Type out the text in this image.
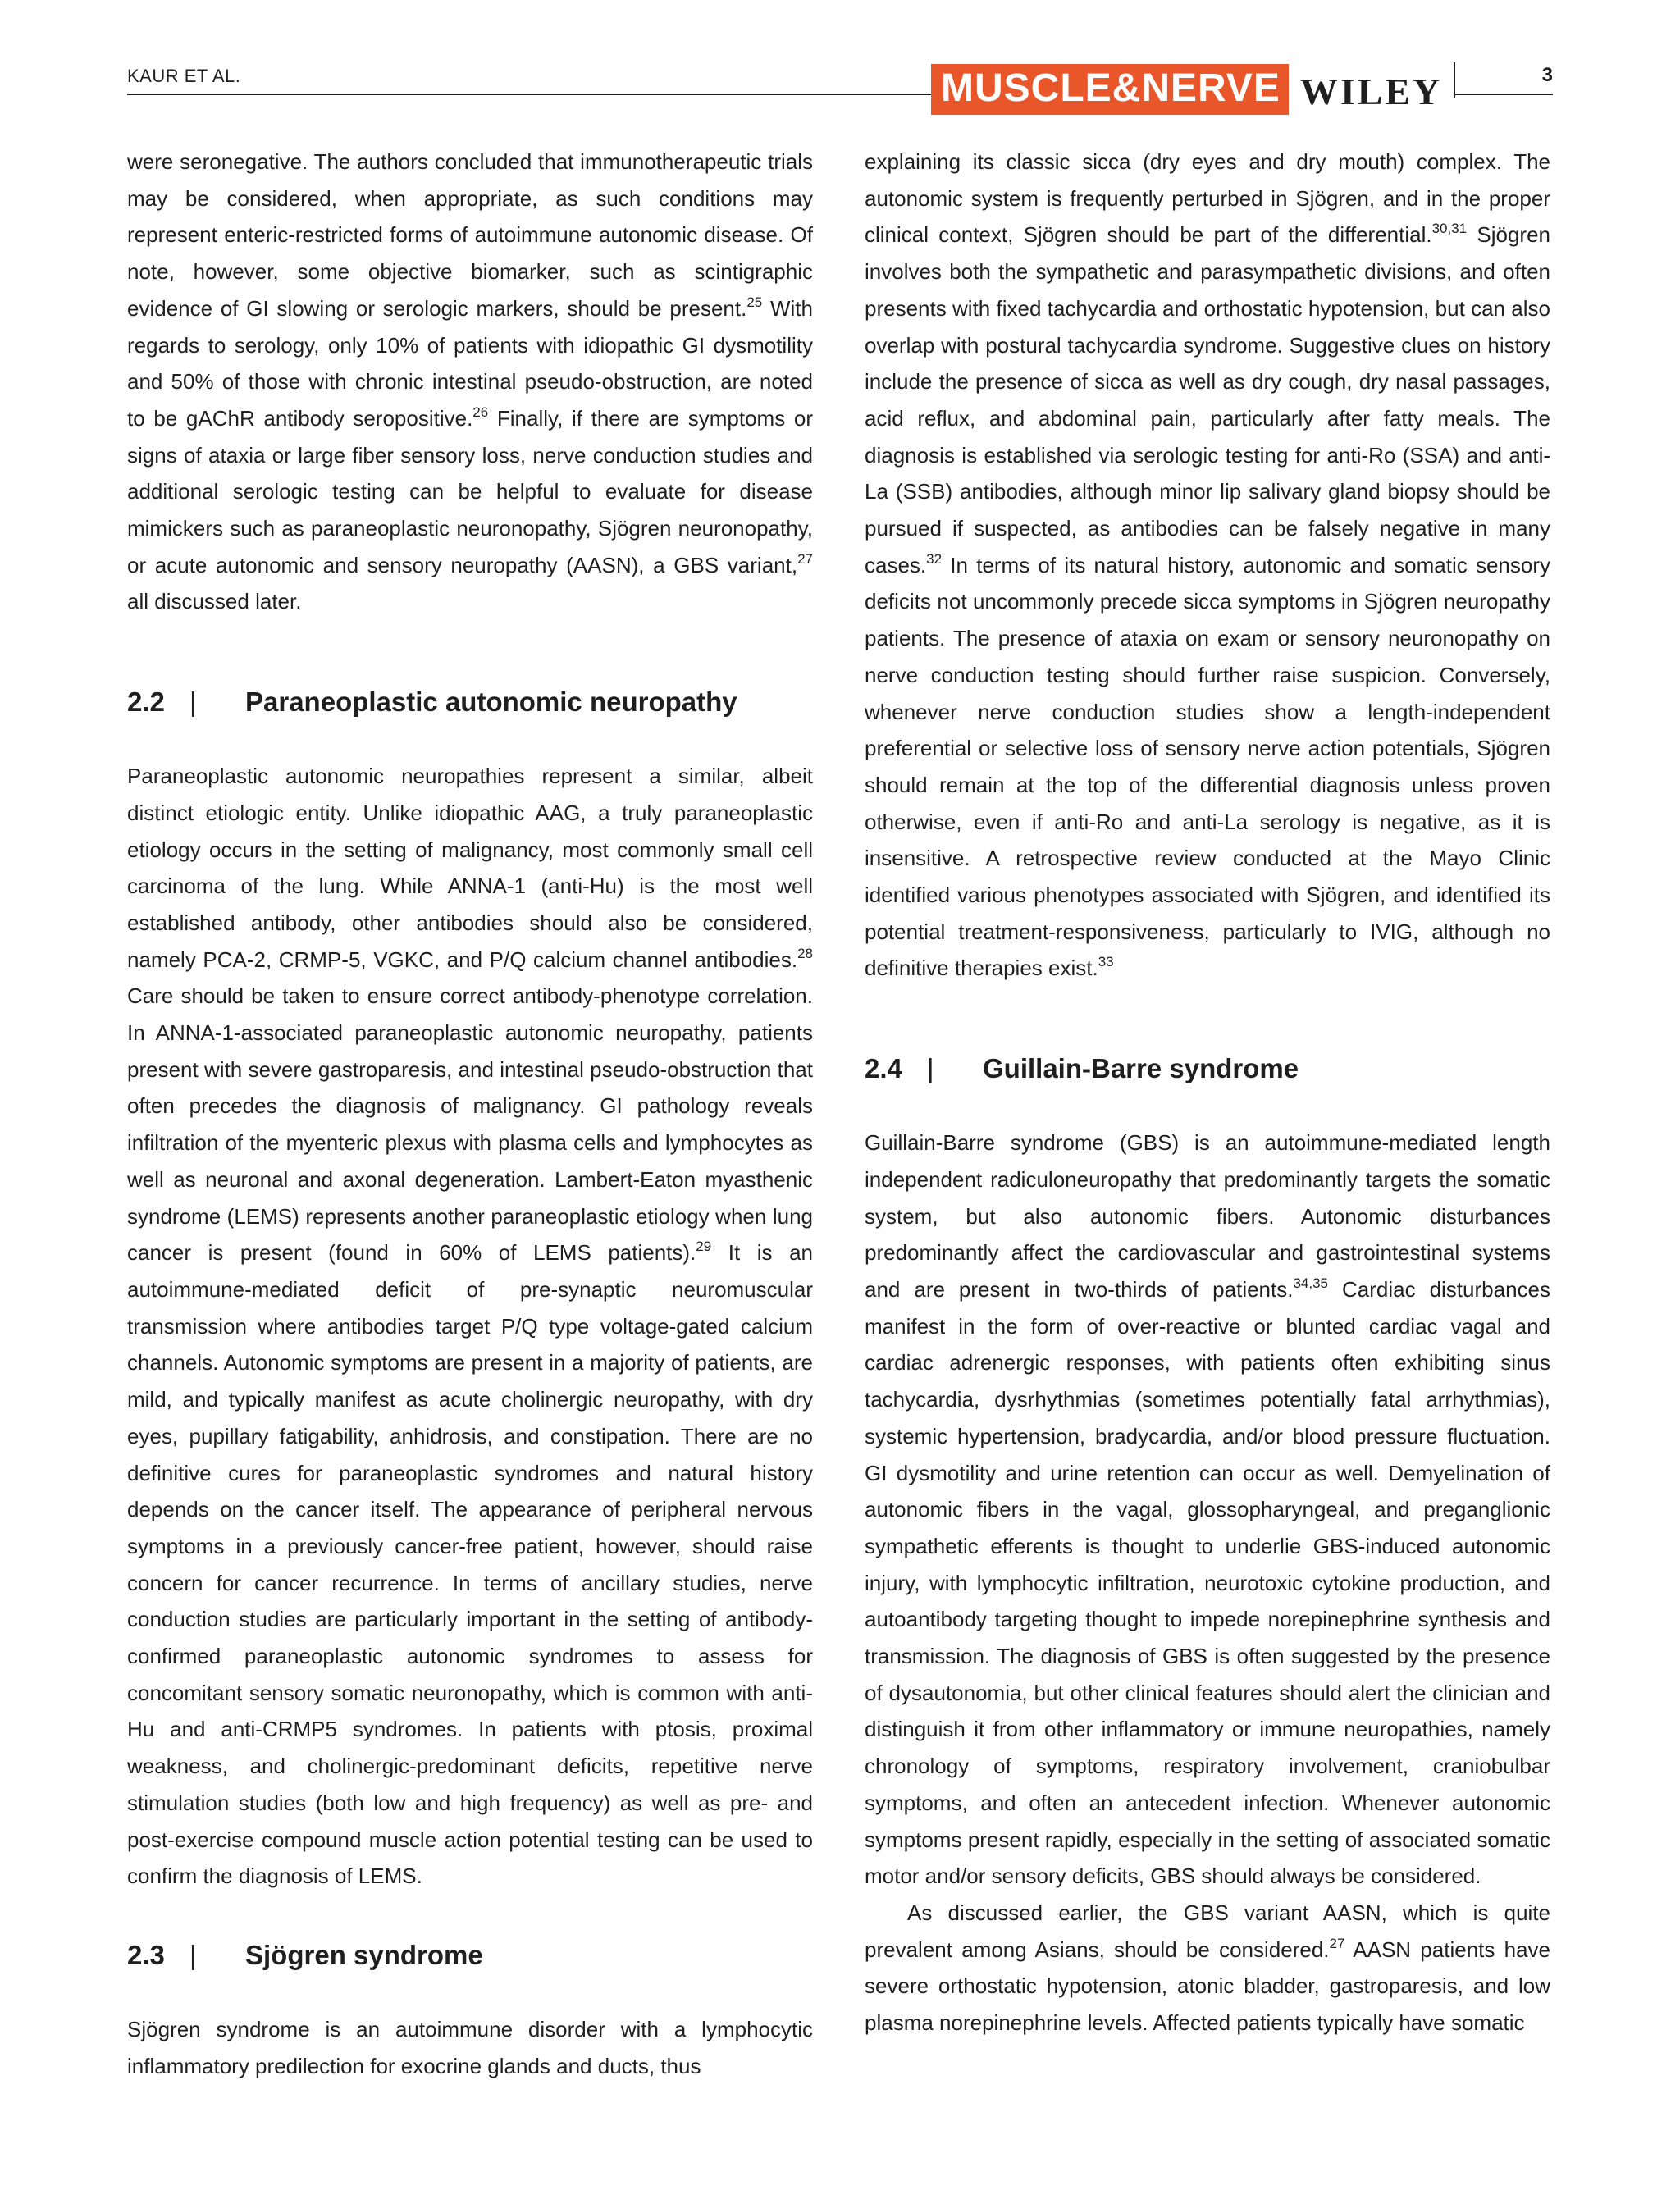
KAUR ET AL.	MUSCLE&NERVE WILEY	3

were seronegative. The authors concluded that immunotherapeutic trials may be considered, when appropriate, as such conditions may represent enteric-restricted forms of autoimmune autonomic disease. Of note, however, some objective biomarker, such as scintigraphic evidence of GI slowing or serologic markers, should be present.$^{25}$ With regards to serology, only 10% of patients with idiopathic GI dysmotility and 50% of those with chronic intestinal pseudo-obstruction, are noted to be gAChR antibody seropositive.$^{26}$ Finally, if there are symptoms or signs of ataxia or large fiber sensory loss, nerve conduction studies and additional serologic testing can be helpful to evaluate for disease mimickers such as paraneoplastic neuronopathy, Sjögren neuronopathy, or acute autonomic and sensory neuropathy (AASN), a GBS variant,$^{27}$ all discussed later.

2.2 |	Paraneoplastic autonomic neuropathy

Paraneoplastic autonomic neuropathies represent a similar, albeit distinct etiologic entity. Unlike idiopathic AAG, a truly paraneoplastic etiology occurs in the setting of malignancy, most commonly small cell carcinoma of the lung. While ANNA-1 (anti-Hu) is the most well established antibody, other antibodies should also be considered, namely PCA-2, CRMP-5, VGKC, and P/Q calcium channel antibodies.$^{28}$ Care should be taken to ensure correct antibody-phenotype correlation. In ANNA-1-associated paraneoplastic autonomic neuropathy, patients present with severe gastroparesis, and intestinal pseudo-obstruction that often precedes the diagnosis of malignancy. GI pathology reveals infiltration of the myenteric plexus with plasma cells and lymphocytes as well as neuronal and axonal degeneration. Lambert-Eaton myasthenic syndrome (LEMS) represents another paraneoplastic etiology when lung cancer is present (found in 60% of LEMS patients).$^{29}$ It is an autoimmune-mediated deficit of pre-synaptic neuromuscular transmission where antibodies target P/Q type voltage-gated calcium channels. Autonomic symptoms are present in a majority of patients, are mild, and typically manifest as acute cholinergic neuropathy, with dry eyes, pupillary fatigability, anhidrosis, and constipation. There are no definitive cures for paraneoplastic syndromes and natural history depends on the cancer itself. The appearance of peripheral nervous symptoms in a previously cancer-free patient, however, should raise concern for cancer recurrence. In terms of ancillary studies, nerve conduction studies are particularly important in the setting of antibody-confirmed paraneoplastic autonomic syndromes to assess for concomitant sensory somatic neuronopathy, which is common with anti-Hu and anti-CRMP5 syndromes. In patients with ptosis, proximal weakness, and cholinergic-predominant deficits, repetitive nerve stimulation studies (both low and high frequency) as well as pre- and post-exercise compound muscle action potential testing can be used to confirm the diagnosis of LEMS.

2.3 |	Sjögren syndrome

Sjögren syndrome is an autoimmune disorder with a lymphocytic inflammatory predilection for exocrine glands and ducts, thus

explaining its classic sicca (dry eyes and dry mouth) complex. The autonomic system is frequently perturbed in Sjögren, and in the proper clinical context, Sjögren should be part of the differential.$^{30,31}$ Sjögren involves both the sympathetic and parasympathetic divisions, and often presents with fixed tachycardia and orthostatic hypotension, but can also overlap with postural tachycardia syndrome. Suggestive clues on history include the presence of sicca as well as dry cough, dry nasal passages, acid reflux, and abdominal pain, particularly after fatty meals. The diagnosis is established via serologic testing for anti-Ro (SSA) and anti-La (SSB) antibodies, although minor lip salivary gland biopsy should be pursued if suspected, as antibodies can be falsely negative in many cases.$^{32}$ In terms of its natural history, autonomic and somatic sensory deficits not uncommonly precede sicca symptoms in Sjögren neuropathy patients. The presence of ataxia on exam or sensory neuronopathy on nerve conduction testing should further raise suspicion. Conversely, whenever nerve conduction studies show a length-independent preferential or selective loss of sensory nerve action potentials, Sjögren should remain at the top of the differential diagnosis unless proven otherwise, even if anti-Ro and anti-La serology is negative, as it is insensitive. A retrospective review conducted at the Mayo Clinic identified various phenotypes associated with Sjögren, and identified its potential treatment-responsiveness, particularly to IVIG, although no definitive therapies exist.$^{33}$

2.4 |	Guillain-Barre syndrome

Guillain-Barre syndrome (GBS) is an autoimmune-mediated length independent radiculoneuropathy that predominantly targets the somatic system, but also autonomic fibers. Autonomic disturbances predominantly affect the cardiovascular and gastrointestinal systems and are present in two-thirds of patients.$^{34,35}$ Cardiac disturbances manifest in the form of over-reactive or blunted cardiac vagal and cardiac adrenergic responses, with patients often exhibiting sinus tachycardia, dysrhythmias (sometimes potentially fatal arrhythmias), systemic hypertension, bradycardia, and/or blood pressure fluctuation. GI dysmotility and urine retention can occur as well. Demyelination of autonomic fibers in the vagal, glossopharyngeal, and preganglionic sympathetic efferents is thought to underlie GBS-induced autonomic injury, with lymphocytic infiltration, neurotoxic cytokine production, and autoantibody targeting thought to impede norepinephrine synthesis and transmission. The diagnosis of GBS is often suggested by the presence of dysautonomia, but other clinical features should alert the clinician and distinguish it from other inflammatory or immune neuropathies, namely chronology of symptoms, respiratory involvement, craniobulbar symptoms, and often an antecedent infection. Whenever autonomic symptoms present rapidly, especially in the setting of associated somatic motor and/or sensory deficits, GBS should always be considered.

As discussed earlier, the GBS variant AASN, which is quite prevalent among Asians, should be considered.$^{27}$ AASN patients have severe orthostatic hypotension, atonic bladder, gastroparesis, and low plasma norepinephrine levels. Affected patients typically have somatic
